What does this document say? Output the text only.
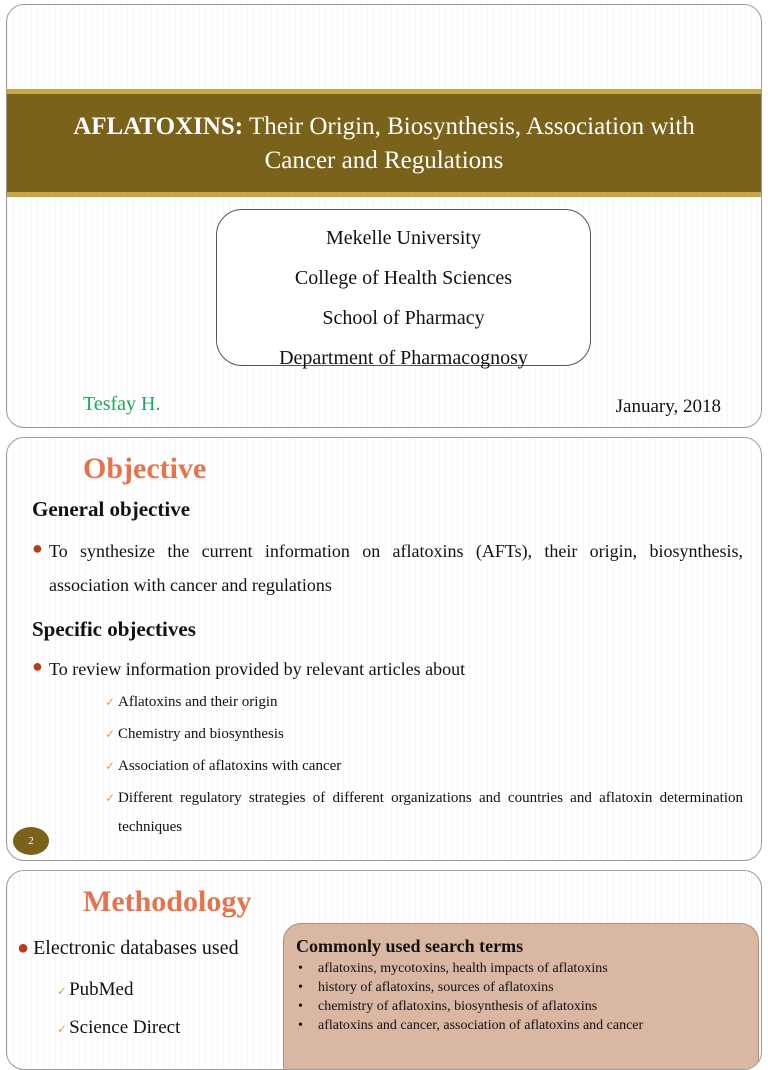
AFLATOXINS: Their Origin, Biosynthesis, Association with
Cancer and Regulations
Mekelle University
College of Health Sciences
School of Pharmacy
Department of Pharmacognosy
Tesfay H.	January, 2018
Objective
General objective
● To synthesize the current information on aflatoxins (AFTs), their origin, biosynthesis, association with cancer and regulations
Specific objectives
● To review information provided by relevant articles about
✓ Aflatoxins and their origin
✓ Chemistry and biosynthesis
✓ Association of aflatoxins with cancer
✓ Different regulatory strategies of different organizations and countries and aflatoxin determination techniques
2
Methodology
● Electronic databases used
✓ PubMed
✓ Science Direct
Commonly used search terms
• aflatoxins, mycotoxins, health impacts of aflatoxins
• history of aflatoxins, sources of aflatoxins
• chemistry of aflatoxins, biosynthesis of aflatoxins
• aflatoxins and cancer, association of aflatoxins and cancer
